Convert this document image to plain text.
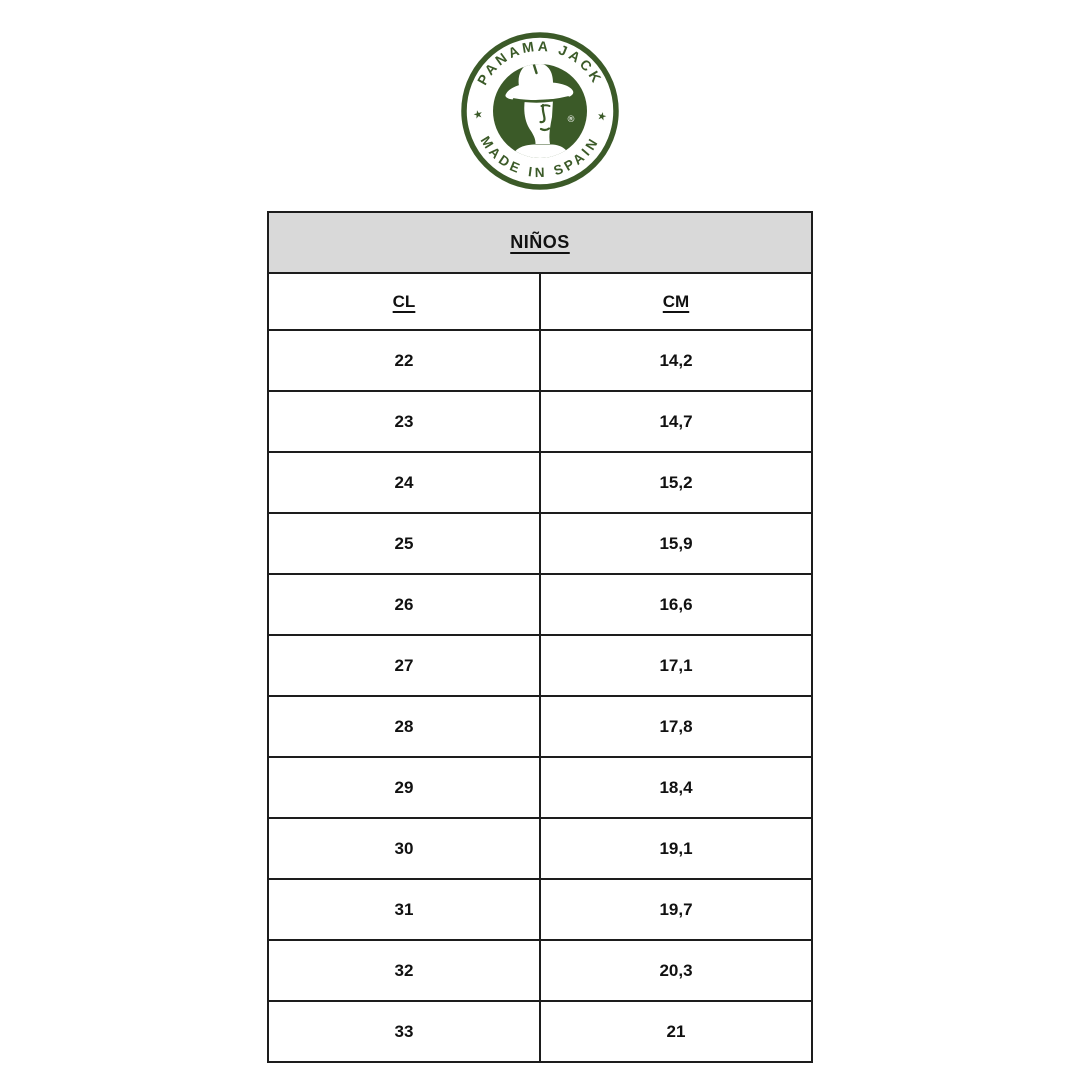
PANAMA JACK
MADE IN SPAIN
★	★
®
NIÑOS	
CL	CM
22	14,2
23	14,7
24	15,2
25	15,9
26	16,6
27	17,1
28	17,8
29	18,4
30	19,1
31	19,7
32	20,3
33	21
